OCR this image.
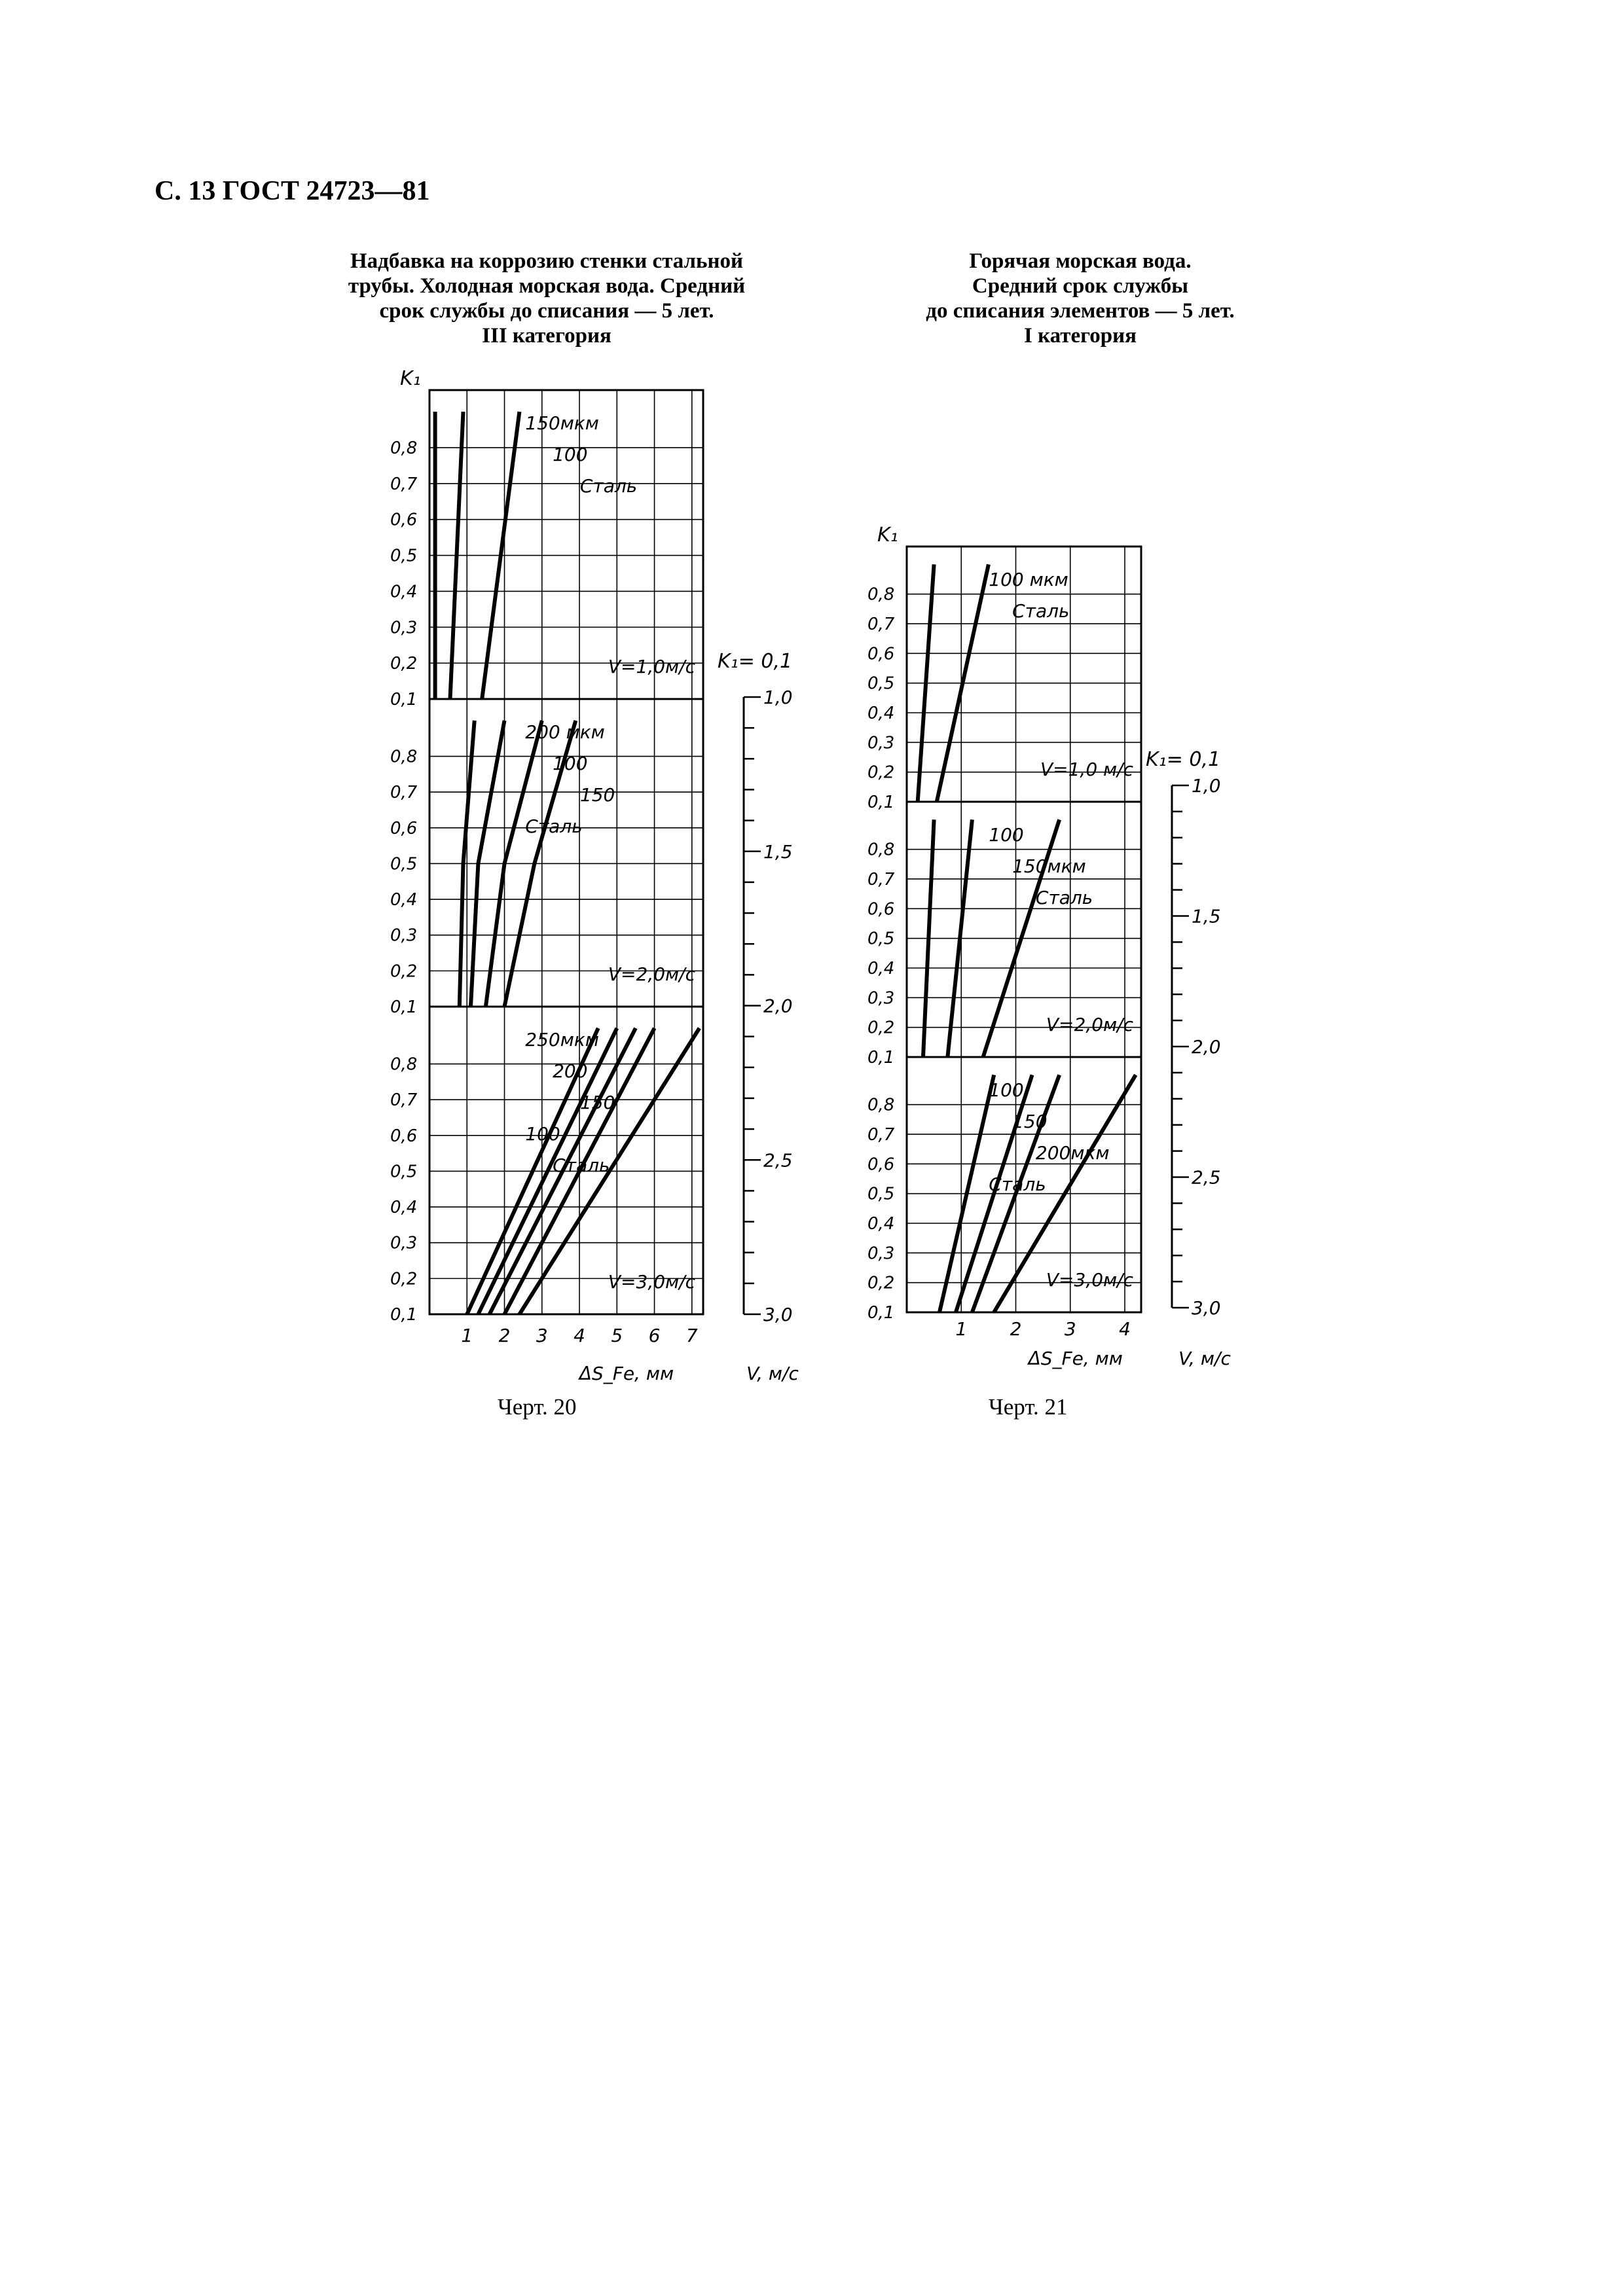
С. 13 ГОСТ 24723—81
Надбавка на коррозию стенки стальной
трубы. Холодная морская вода. Средний
срок службы до списания — 5 лет.
III категория
Горячая морская вода.
Средний срок службы
до списания элементов — 5 лет.
I категория
0,1
0,2
0,3
0,4
0,5
0,6
0,7
0,8
150мкм
100
Сталь
V=1,0м/с
0,1
0,2
0,3
0,4
0,5
0,6
0,7
0,8
200 мкм
100
150
Сталь
V=2,0м/с
0,1
0,2
0,3
0,4
0,5
0,6
0,7
0,8
250мкм
200
150
100
Сталь
V=3,0м/с
K₁
1 2 3 4 5 6 7
ΔS_Fe, мм
1,0
1,5
2,0
2,5
3,0
K₁= 0,1
V, м/с
0,1
0,2
0,3
0,4
0,5
0,6
0,7
0,8
100 мкм
Сталь
V=1,0 м/с
0,1
0,2
0,3
0,4
0,5
0,6
0,7
0,8
100
150мкм
Сталь
V=2,0м/с
0,1
0,2
0,3
0,4
0,5
0,6
0,7
0,8
100
150
200мкм
Сталь
V=3,0м/с
K₁
1 2 3 4
ΔS_Fe, мм
1,0
1,5
2,0
2,5
3,0
K₁= 0,1
V, м/с
Черт. 20	Черт. 21
